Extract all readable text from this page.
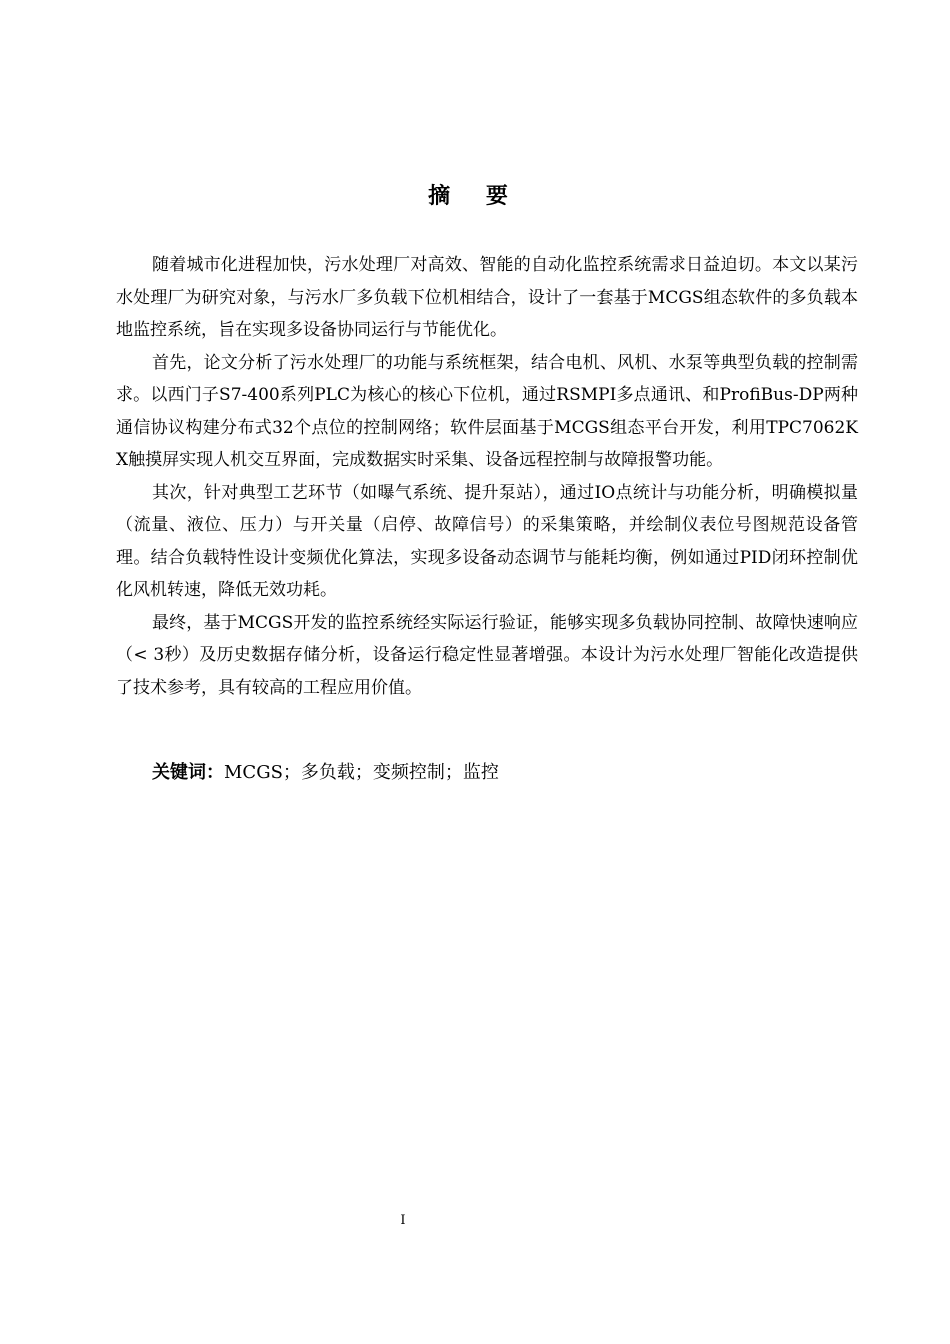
摘 要

随着城市化进程加快，污水处理厂对高效、智能的自动化监控系统需求日益迫切。本文以某污水处理厂为研究对象，与污水厂多负载下位机相结合，设计了一套基于MCGS组态软件的多负载本地监控系统，旨在实现多设备协同运行与节能优化。

首先，论文分析了污水处理厂的功能与系统框架，结合电机、风机、水泵等典型负载的控制需求。以西门子S7-400系列PLC为核心的核心下位机，通过RSMPI多点通讯、和ProfiBus-DP两种通信协议构建分布式32个点位的控制网络；软件层面基于MCGS组态平台开发，利用TPC7062KX触摸屏实现人机交互界面，完成数据实时采集、设备远程控制与故障报警功能。

其次，针对典型工艺环节（如曝气系统、提升泵站），通过IO点统计与功能分析，明确模拟量（流量、液位、压力）与开关量（启停、故障信号）的采集策略，并绘制仪表位号图规范设备管理。结合负载特性设计变频优化算法，实现多设备动态调节与能耗均衡，例如通过PID闭环控制优化风机转速，降低无效功耗。

最终，基于MCGS开发的监控系统经实际运行验证，能够实现多负载协同控制、故障快速响应（< 3秒）及历史数据存储分析，设备运行稳定性显著增强。本设计为污水处理厂智能化改造提供了技术参考，具有较高的工程应用价值。

关键词：MCGS；多负载；变频控制；监控
I
